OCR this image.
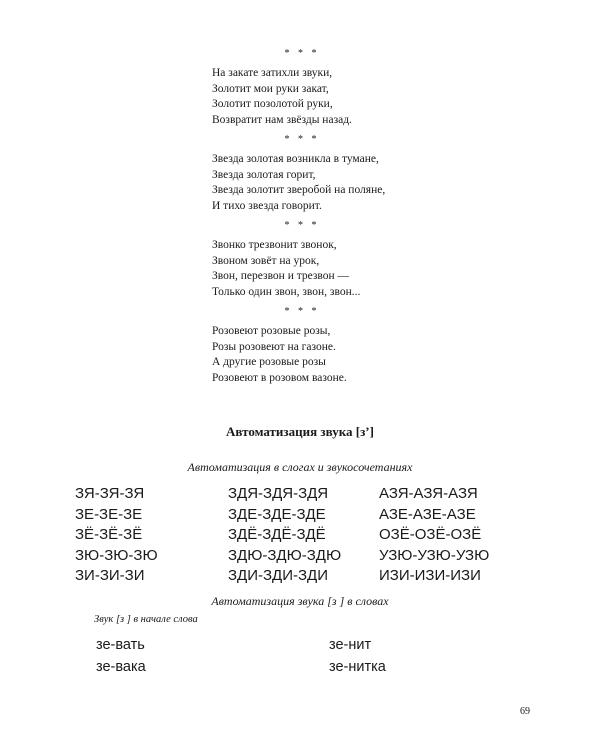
* * *
На закате затихли звуки,
Золотит мои руки закат,
Золотит позолотой руки,
Возвратит нам звёзды назад.
* * *
Звезда золотая возникла в тумане,
Звезда золотая горит,
Звезда золотит зверобой на поляне,
И тихо звезда говорит.
* * *
Звонко трезвонит звонок,
Звоном зовёт на урок,
Звон, перезвон и трезвон —
Только один звон, звон, звон...
* * *
Розовеют розовые розы,
Розы розовеют на газоне.
А другие розовые розы
Розовеют в розовом вазоне.
Автоматизация звука [з’]
Автоматизация в слогах и звукосочетаниях
ЗЯ-ЗЯ-ЗЯ	ЗДЯ-ЗДЯ-ЗДЯ	АЗЯ-АЗЯ-АЗЯ
ЗЕ-ЗЕ-ЗЕ	ЗДЕ-ЗДЕ-ЗДЕ	АЗЕ-АЗЕ-АЗЕ
ЗЁ-ЗЁ-ЗЁ	ЗДЁ-ЗДЁ-ЗДЁ	ОЗЁ-ОЗЁ-ОЗЁ
ЗЮ-ЗЮ-ЗЮ	ЗДЮ-ЗДЮ-ЗДЮ	УЗЮ-УЗЮ-УЗЮ
ЗИ-ЗИ-ЗИ	ЗДИ-ЗДИ-ЗДИ	ИЗИ-ИЗИ-ИЗИ
Автоматизация звука [з ] в словах
Звук [з ] в начале слова
зе-вать	зе-нит
зе-вака	зе-нитка
69
